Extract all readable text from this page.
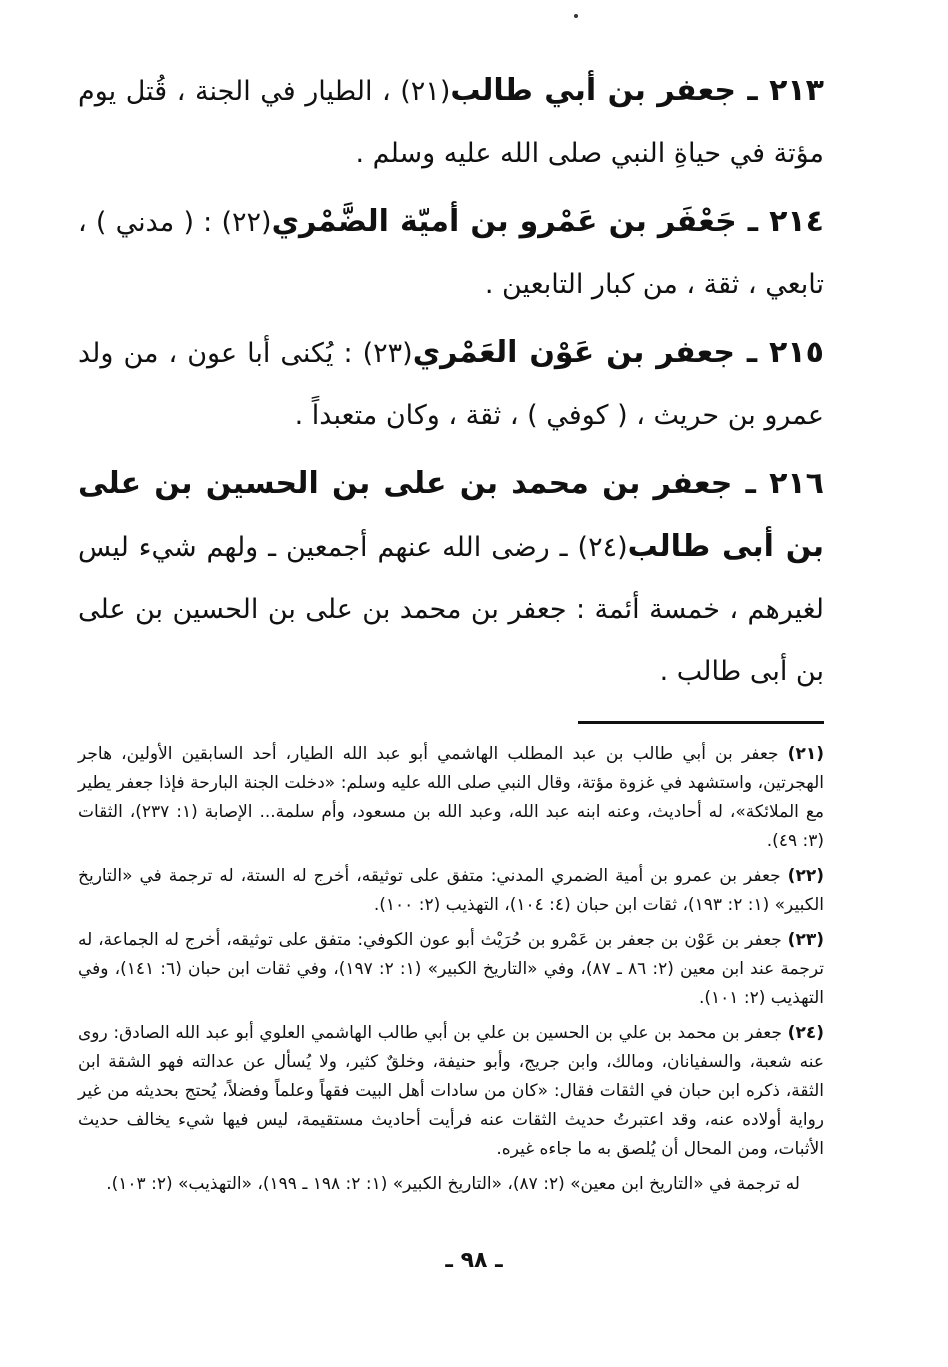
٢١٣ ـ جعفر بن أبي طالب(٢١) ، الطيار في الجنة ، قُتل يوم مؤتة في حياةِ النبي صلى الله عليه وسلم .

٢١٤ ـ جَعْفَر بن عَمْرو بن أميّة الضَّمْري(٢٢) : ( مدني ) ، تابعي ، ثقة ، من كبار التابعين .

٢١٥ ـ جعفر بن عَوْن العَمْري(٢٣) : يُكنى أبا عون ، من ولد عمرو بن حريث ، ( كوفي ) ، ثقة ، وكان متعبداً .

٢١٦ ـ جعفر بن محمد بن على بن الحسين بن على بن أبى طالب(٢٤) ـ رضى الله عنهم أجمعين ـ ولهم شيء ليس لغيرهم ، خمسة أئمة : جعفر بن محمد بن على بن الحسين بن على بن أبى طالب .

(٢١) جعفر بن أبي طالب بن عبد المطلب الهاشمي أبو عبد الله الطيار، أحد السابقين الأولين، هاجر الهجرتين، واستشهد في غزوة مؤتة، وقال النبي صلى الله عليه وسلم: «دخلت الجنة البارحة فإذا جعفر يطير مع الملائكة»، له أحاديث، وعنه ابنه عبد الله، وعبد الله بن مسعود، وأم سلمة... الإصابة (١: ٢٣٧)، الثقات (٣: ٤٩).

(٢٢) جعفر بن عمرو بن أمية الضمري المدني: متفق على توثيقه، أخرج له الستة، له ترجمة في «التاريخ الكبير» (١: ٢: ١٩٣)، ثقات ابن حبان (٤: ١٠٤)، التهذيب (٢: ١٠٠).

(٢٣) جعفر بن عَوْن بن جعفر بن عَمْرو بن حُرَيْث أبو عون الكوفي: متفق على توثيقه، أخرج له الجماعة، له ترجمة عند ابن معين (٢: ٨٦ ـ ٨٧)، وفي «التاريخ الكبير» (١: ٢: ١٩٧)، وفي ثقات ابن حبان (٦: ١٤١)، وفي التهذيب (٢: ١٠١).

(٢٤) جعفر بن محمد بن علي بن الحسين بن علي بن أبي طالب الهاشمي العلوي أبو عبد الله الصادق: روى عنه شعبة، والسفيانان، ومالك، وابن جريج، وأبو حنيفة، وخلقٌ كثير، ولا يُسأل عن عدالته فهو الشقة ابن الثقة، ذكره ابن حبان في الثقات فقال: «كان من سادات أهل البيت فقهاً وعلماً وفضلاً، يُحتج بحديثه من غير رواية أولاده عنه، وقد اعتبرتُ حديث الثقات عنه فرأيت أحاديث مستقيمة، ليس فيها شيء يخالف حديث الأثبات، ومن المحال أن يُلصق به ما جاءه غيره.

له ترجمة في «التاريخ ابن معين» (٢: ٨٧)، «التاريخ الكبير» (١: ٢: ١٩٨ ـ ١٩٩)، «التهذيب» (٢: ١٠٣).

ـ ٩٨ ـ
